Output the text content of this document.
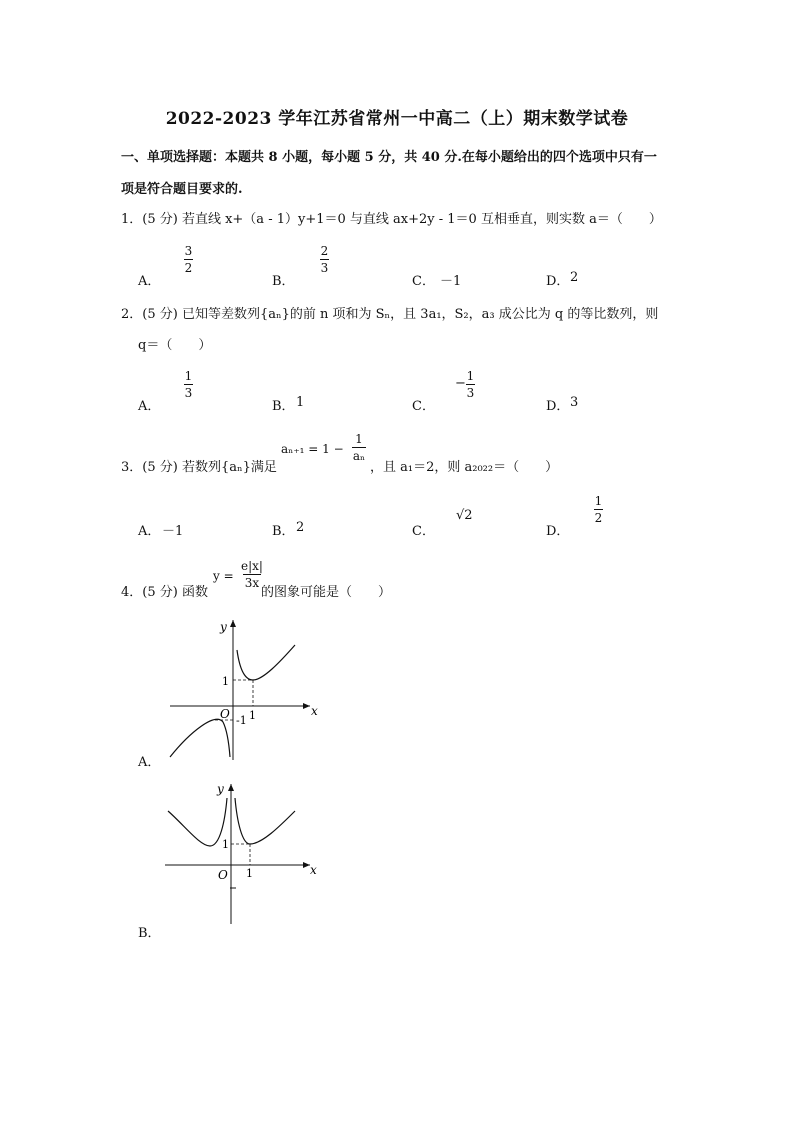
2022-2023 学年江苏省常州一中高二（上）期末数学试卷
一、单项选择题：本题共 8 小题，每小题 5 分，共 40 分.在每小题给出的四个选项中只有一
项是符合题目要求的.
1．(5 分) 若直线 x+（a - 1）y+1＝0 与直线 ax+2y - 1＝0 互相垂直，则实数 a＝（　　）
A．
3
2
B．
2
3
C． －1	D． 2
2．(5 分) 已知等差数列{aₙ}的前 n 项和为 Sₙ，且 3a₁，S₂，a₃ 成公比为 q 的等比数列，则
q＝（　　）
A．
1
3
B． 1	C．
− 1
3
D． 3
3．(5 分) 若数列{aₙ}满足
aₙ₊₁ = 1 −
1
aₙ
，且 a₁＝2，则 a₂₀₂₂＝（　　）
A． －1	B． 2	C．
√2
D．
1
2
4．(5 分) 函数
y =
e|x|
3x
的图象可能是（　　）
y
x
O
1
1
-1
A．
y
x
O
1
1
B．
